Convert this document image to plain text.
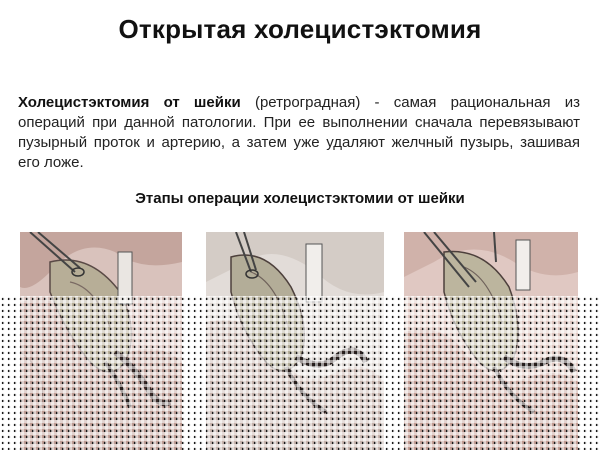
Открытая холецистэктомия
Холецистэктомия от шейки (ретроградная) - самая рациональная из операций при данной патологии. При ее выполнении сначала перевязывают пузырный проток и артерию, а затем уже удаляют желчный пузырь, зашивая его ложе.
Этапы операции холецистэктомии от шейки
